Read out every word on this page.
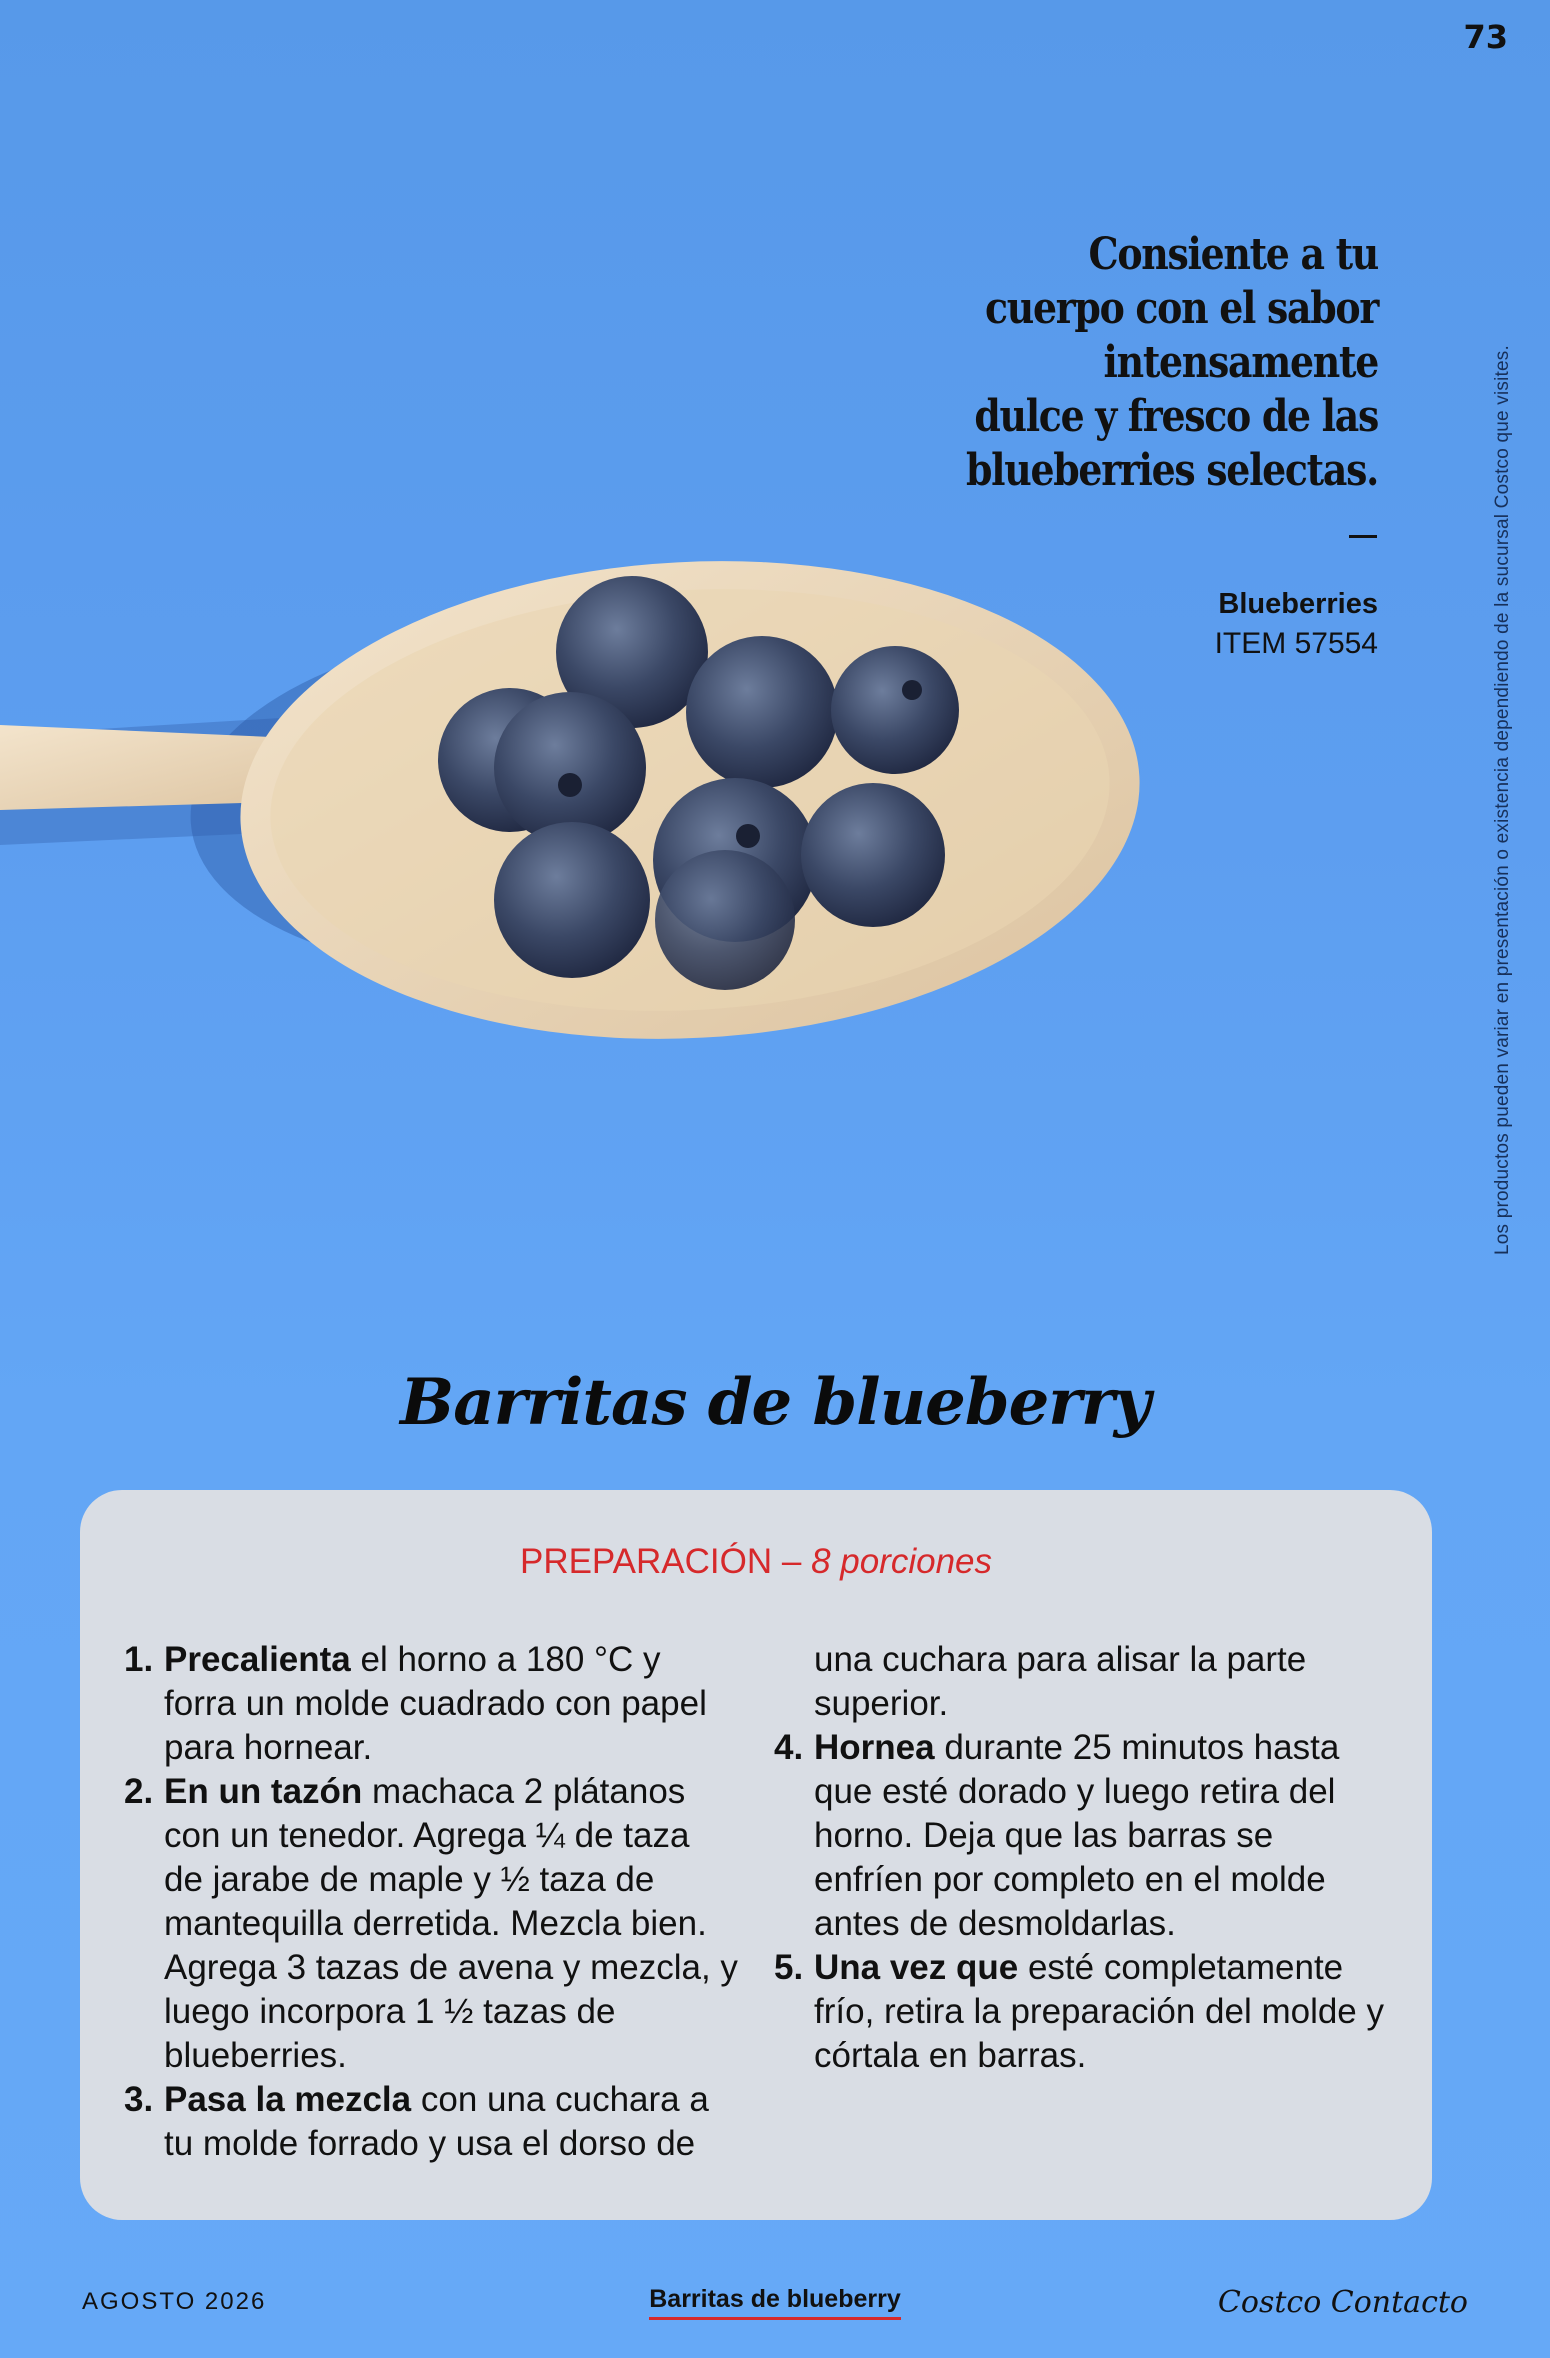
73
Los productos pueden variar en presentación o existencia dependiendo de la sucursal Costco que visites.
Consiente a tu
cuerpo con el sabor
intensamente
dulce y fresco de las
blueberries selectas.
Blueberries
ITEM 57554
Barritas de blueberry
PREPARACIÓN – 8 porciones
1. Precalienta el horno a 180 °C y forra un molde cuadrado con papel para hornear.
2. En un tazón machaca 2 plátanos con un tenedor. Agrega ¼ de taza de jarabe de maple y ½ taza de mantequilla derretida. Mezcla bien. Agrega 3 tazas de avena y mezcla, y luego incorpora 1 ½ tazas de blueberries.
3. Pasa la mezcla con una cuchara a tu molde forrado y usa el dorso de una cuchara para alisar la parte superior.
4. Hornea durante 25 minutos hasta que esté dorado y luego retira del horno. Deja que las barras se enfríen por completo en el molde antes de desmoldarlas.
5. Una vez que esté completamente frío, retira la preparación del molde y córtala en barras.
AGOSTO 2026	Barritas de blueberry	Costco Contacto
